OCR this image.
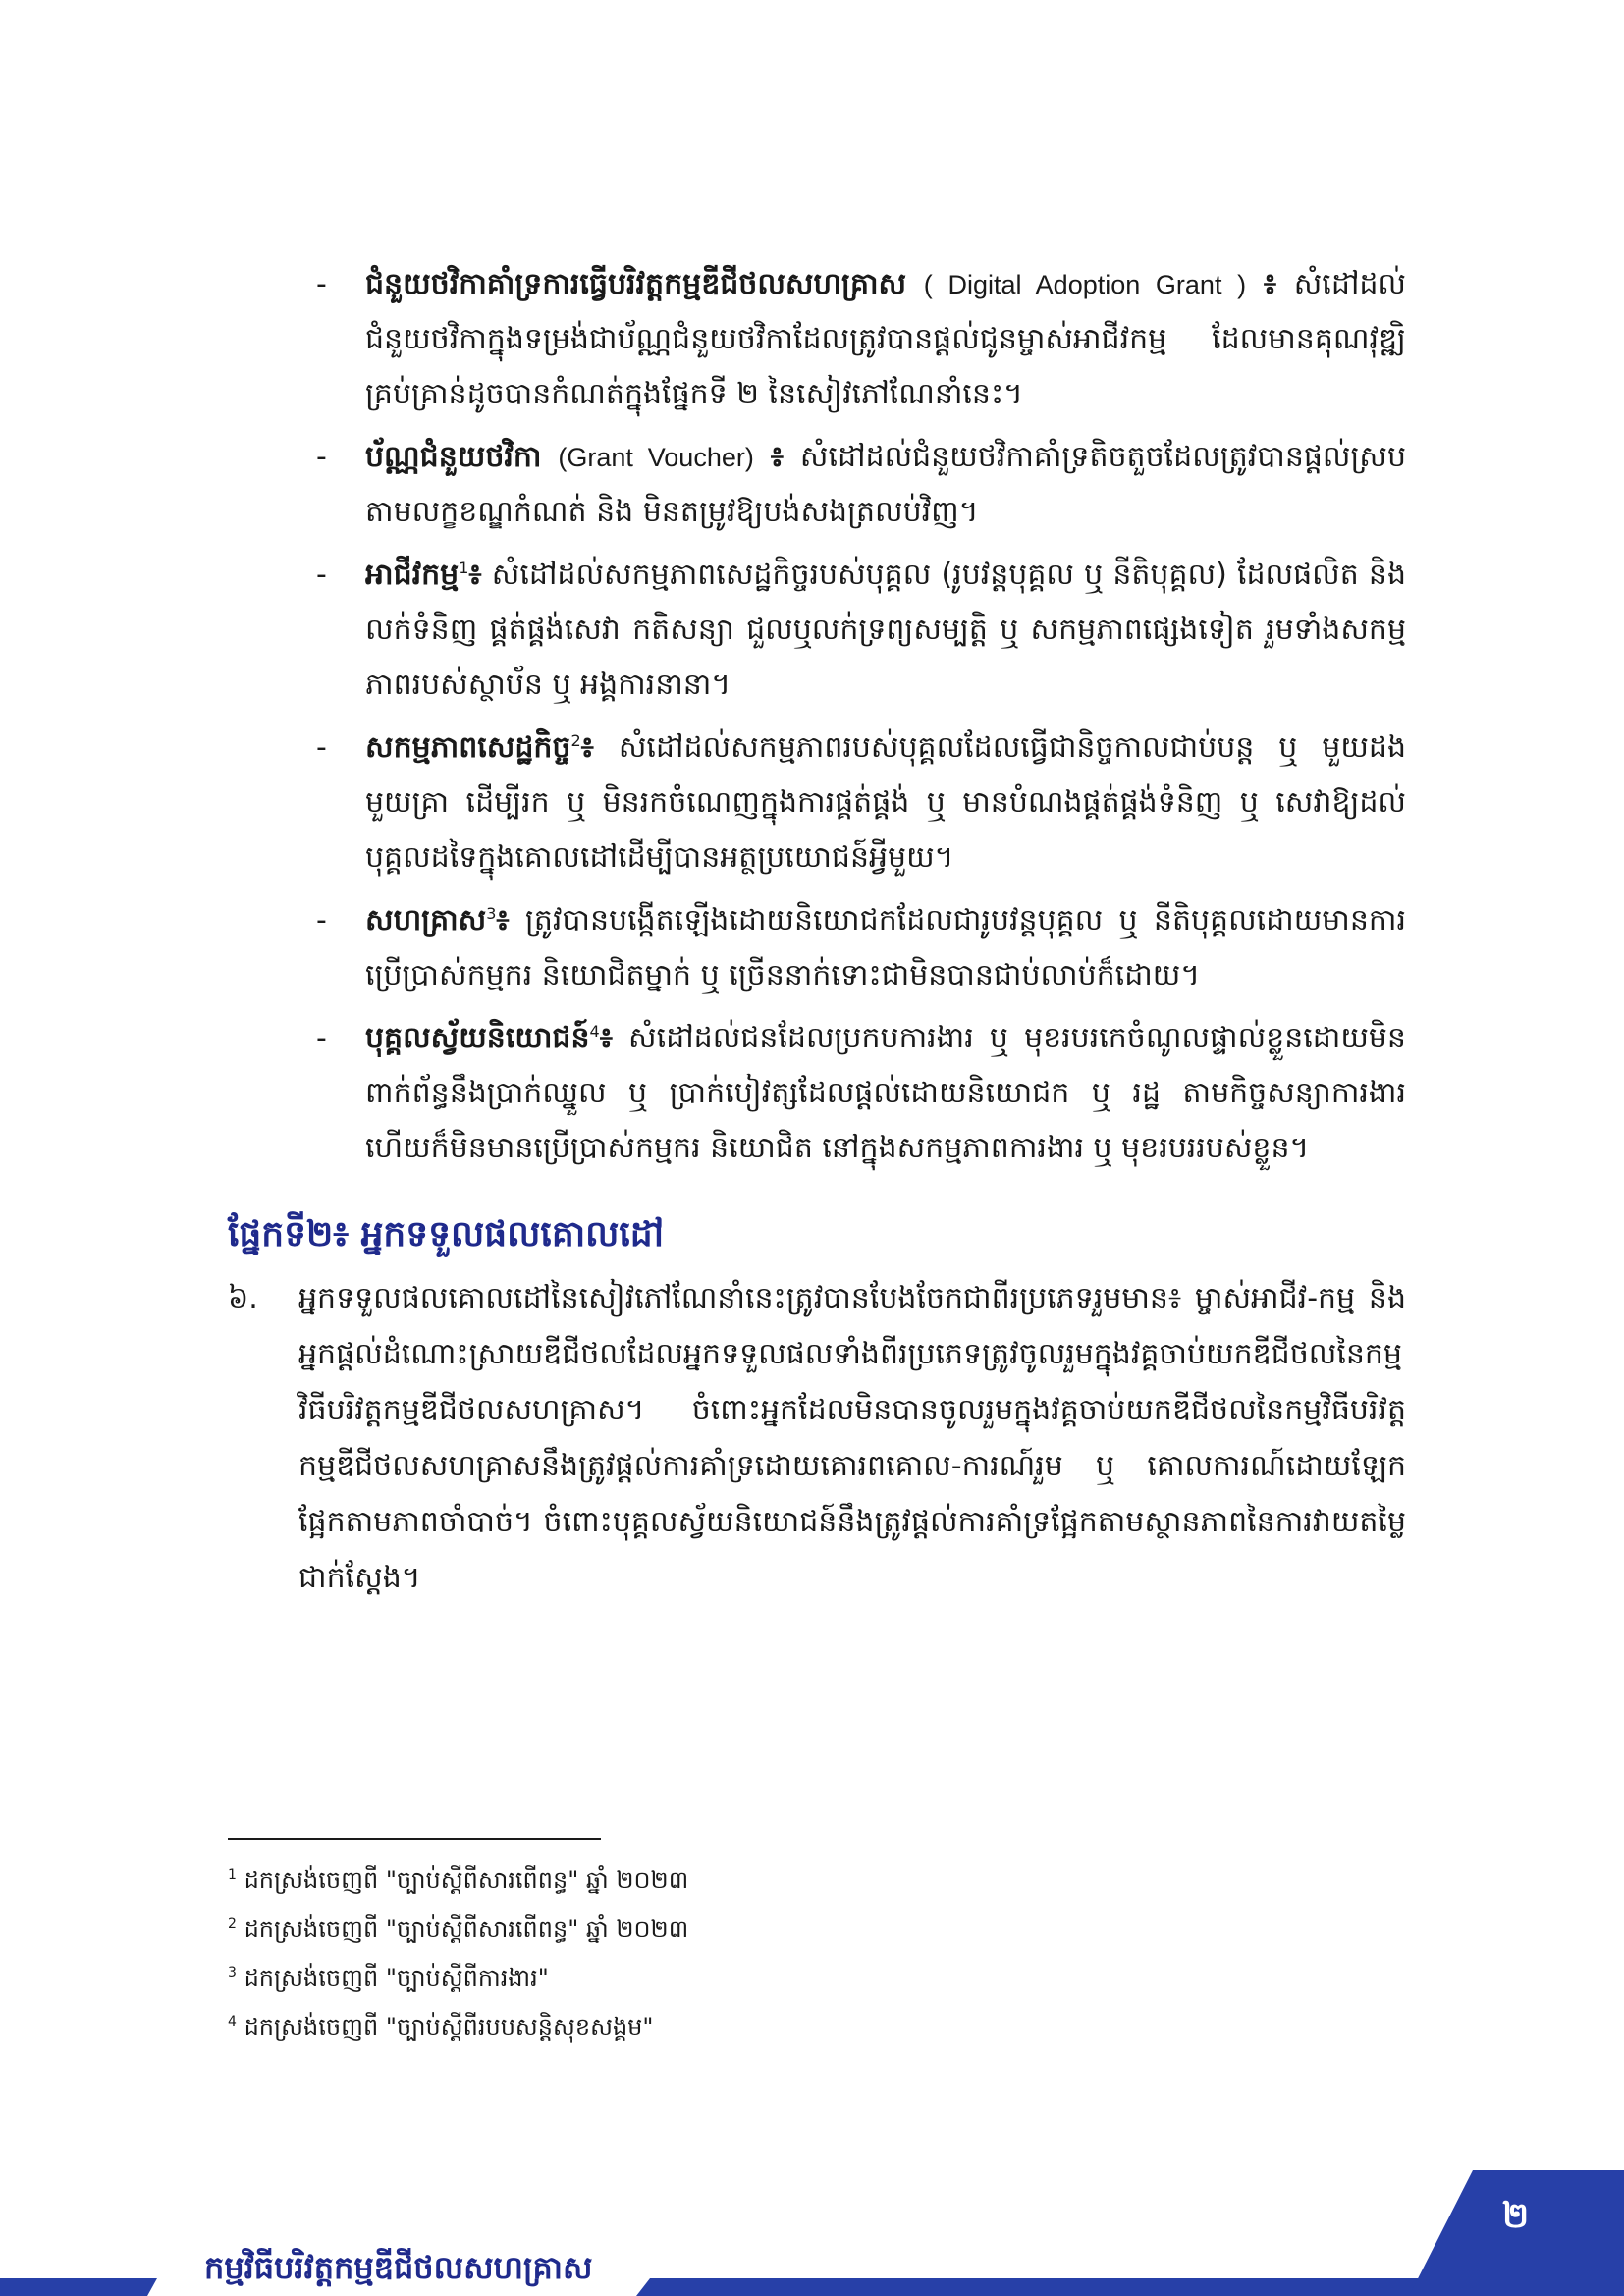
- ជំនួយថវិកាគាំទ្រការធ្វើបរិវត្តកម្មឌីជីថលសហគ្រាស ( Digital Adoption Grant ) ៖ សំដៅដល់ជំនួយថវិកាក្នុងទម្រង់ជាប័ណ្ណជំនួយថវិកាដែលត្រូវបានផ្ដល់ជូនម្ចាស់អាជីវកម្ម ដែលមានគុណវុឌ្ឍិគ្រប់គ្រាន់ដូចបានកំណត់ក្នុងផ្នែកទី ២ នៃសៀវភៅណែនាំនេះ។
- ប័ណ្ណជំនួយថវិកា (Grant Voucher) ៖ សំដៅដល់ជំនួយថវិកាគាំទ្រតិចតួចដែលត្រូវបានផ្តល់ស្របតាមលក្ខខណ្ឌកំណត់ និង មិនតម្រូវឱ្យបង់សងត្រលប់វិញ។
- អាជីវកម្ម$^1$៖ សំដៅដល់សកម្មភាពសេដ្ឋកិច្ចរបស់បុគ្គល (រូបវន្តបុគ្គល ឬ នីតិបុគ្គល) ដែលផលិត និង លក់ទំនិញ ផ្គត់ផ្គង់សេវា កតិសន្យា ជួលឬលក់ទ្រព្យសម្បត្តិ ឬ សកម្មភាពផ្សេងទៀត រួមទាំងសកម្មភាពរបស់ស្ថាប័ន ឬ អង្គការនានា។
- សកម្មភាពសេដ្ឋកិច្ច$^2$៖ សំដៅដល់សកម្មភាពរបស់បុគ្គលដែលធ្វើជានិច្ចកាលជាប់បន្ត ឬ មួយដង មួយគ្រា ដើម្បីរក ឬ មិនរកចំណេញក្នុងការផ្គត់ផ្គង់ ឬ មានបំណងផ្គត់ផ្គង់ទំនិញ ឬ សេវាឱ្យដល់បុគ្គលដទៃក្នុងគោលដៅដើម្បីបានអត្ថប្រយោជន៍អ្វីមួយ។
- សហគ្រាស$^3$៖ ត្រូវបានបង្កើតឡើងដោយនិយោជកដែលជារូបវន្តបុគ្គល ឬ នីតិបុគ្គលដោយមានការប្រើប្រាស់កម្មករ និយោជិតម្នាក់ ឬ ច្រើននាក់ទោះជាមិនបានជាប់លាប់ក៏ដោយ។
- បុគ្គលស្វ័យនិយោជន៍$^4$៖ សំដៅដល់ជនដែលប្រកបការងារ ឬ មុខរបរកេចំណូលផ្ទាល់ខ្លួនដោយមិនពាក់ព័ន្ធនឹងប្រាក់ឈ្នួល ឬ ប្រាក់បៀវត្សដែលផ្តល់ដោយនិយោជក ឬ រដ្ឋ តាមកិច្ចសន្យាការងារ ហើយក៏មិនមានប្រើប្រាស់កម្មករ និយោជិត នៅក្នុងសកម្មភាពការងារ ឬ មុខរបររបស់ខ្លួន។
ផ្នែកទី២៖ អ្នកទទួលផលគោលដៅ
៦. អ្នកទទួលផលគោលដៅនៃសៀវភៅណែនាំនេះត្រូវបានបែងចែកជាពីរប្រភេទរួមមាន៖ ម្ចាស់អាជីវ-កម្ម និង អ្នកផ្តល់ដំណោះស្រាយឌីជីថលដែលអ្នកទទួលផលទាំងពីរប្រភេទត្រូវចូលរួមក្នុងវគ្គចាប់យកឌីជីថលនៃកម្មវិធីបរិវត្តកម្មឌីជីថលសហគ្រាស។ ចំពោះអ្នកដែលមិនបានចូលរួមក្នុងវគ្គចាប់យកឌីជីថលនៃកម្មវិធីបរិវត្តកម្មឌីជីថលសហគ្រាសនឹងត្រូវផ្តល់ការគាំទ្រដោយគោរពគោល-ការណ៍រួម ឬ គោលការណ៍ដោយឡែកផ្អែកតាមភាពចាំបាច់។ ចំពោះបុគ្គលស្វ័យនិយោជន៍នឹងត្រូវផ្តល់ការគាំទ្រផ្អែកតាមស្ថានភាពនៃការវាយតម្លៃជាក់ស្តែង។
$^1$ ដកស្រង់ចេញពី "ច្បាប់ស្តីពីសារពើពន្ធ" ឆ្នាំ ២០២៣
$^2$ ដកស្រង់ចេញពី "ច្បាប់ស្តីពីសារពើពន្ធ" ឆ្នាំ ២០២៣
$^3$ ដកស្រង់ចេញពី "ច្បាប់ស្តីពីការងារ"
$^4$ ដកស្រង់ចេញពី "ច្បាប់ស្តីពីរបបសន្តិសុខសង្គម"
កម្មវិធីបរិវត្តកម្មឌីជីថលសហគ្រាស
២
